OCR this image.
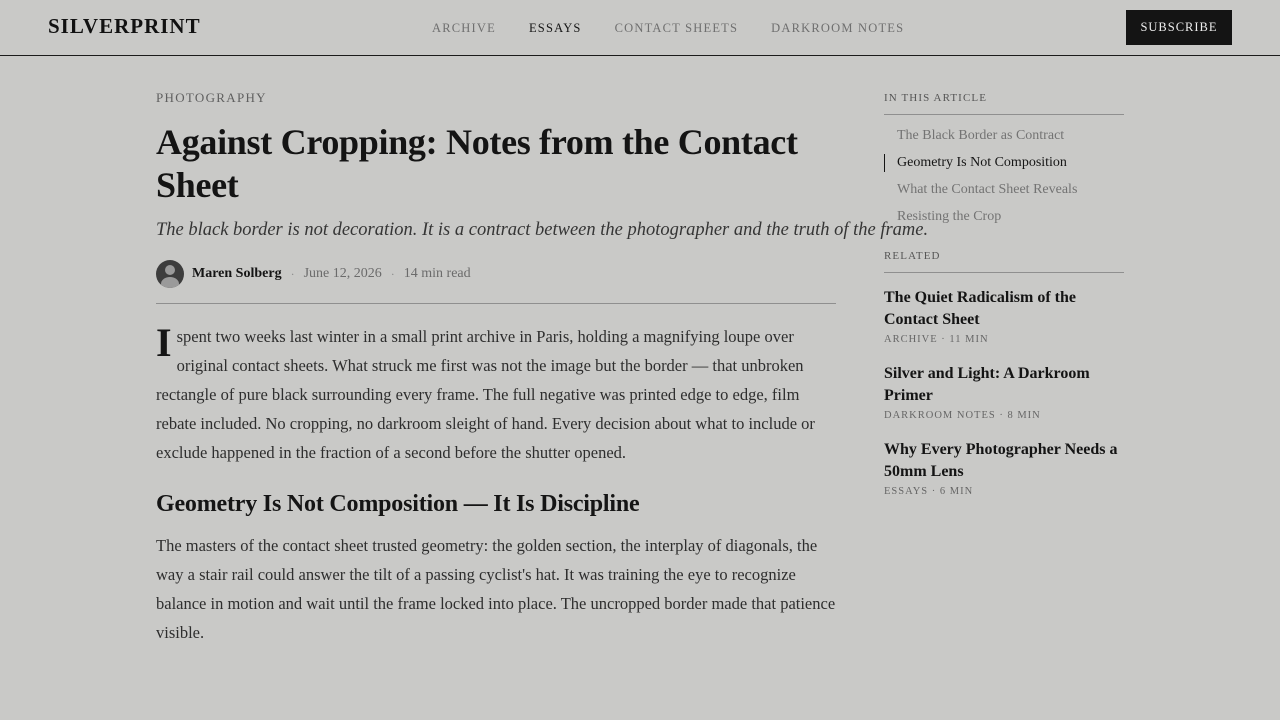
SILVERPRINT	ARCHIVE	ESSAYS	CONTACT SHEETS	DARKROOM NOTES	SUBSCRIBE
PHOTOGRAPHY
Against Cropping: Notes from the Contact Sheet

The black border is not decoration. It is a contract between the photographer and the truth of the frame.

Maren Solberg · June 12, 2026 · 14 min read

I spent two weeks last winter in a small print archive in Paris, holding a magnifying loupe over original contact sheets. What struck me first was not the image but the border — that unbroken rectangle of pure black surrounding every frame. The full negative was printed edge to edge, film rebate included. No cropping, no darkroom sleight of hand. Every decision about what to include or exclude happened in the fraction of a second before the shutter opened.

Geometry Is Not Composition — It Is Discipline

The masters of the contact sheet trusted geometry: the golden section, the interplay of diagonals, the way a stair rail could answer the tilt of a passing cyclist's hat. It was training the eye to recognize balance in motion and wait until the frame locked into place. The uncropped border made that patience visible.

IN THIS ARTICLE
The Black Border as Contract
Geometry Is Not Composition
What the Contact Sheet Reveals
Resisting the Crop
RELATED
The Quiet Radicalism of the Contact Sheet
ARCHIVE · 11 MIN
Silver and Light: A Darkroom Primer
DARKROOM NOTES · 8 MIN
Why Every Photographer Needs a 50mm Lens
ESSAYS · 6 MIN
